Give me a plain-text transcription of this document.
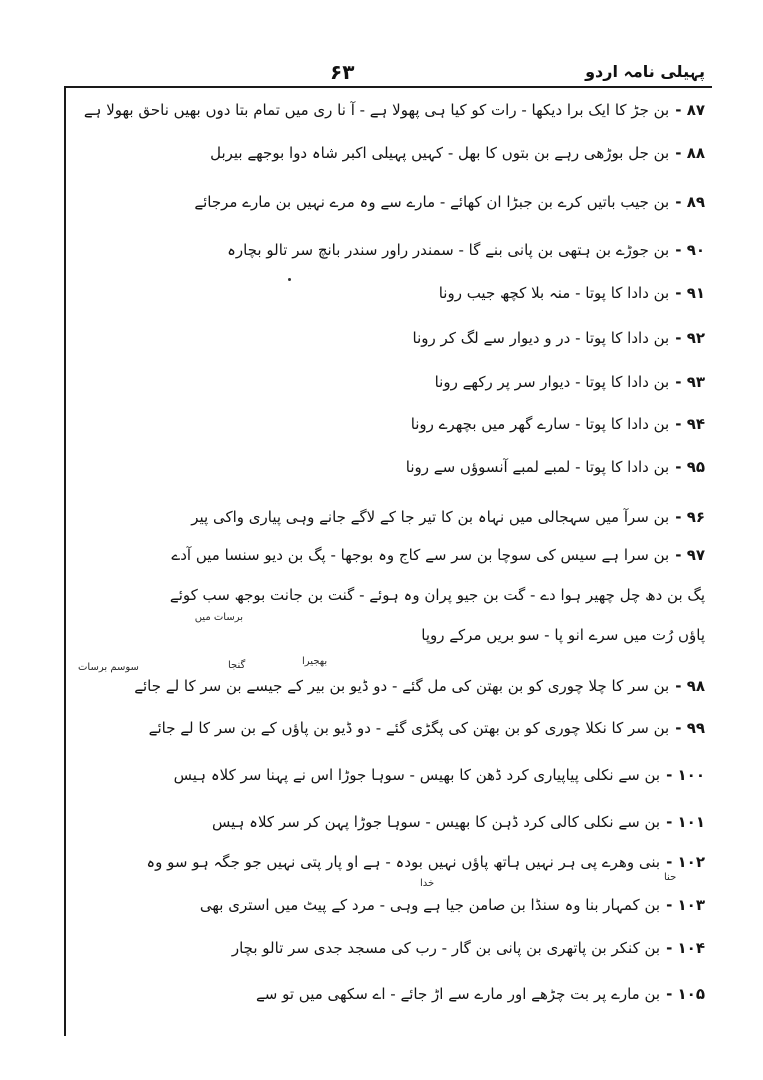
۶۳	پہیلی نامہ اردو
۸۷ -بن جڑ کا ایک برا دیکھا - رات کو کیا ہی پھولا ہے - آ نا ری میں تمام بتا دوں بھیں ناحق بھولا ہے
۸۸ -بن جل بوڑھی رہے بن بتوں کا بھل - کہیں پہیلی اکبر شاہ دوا بوجھے بیربل
۸۹ -بن جیب باتیں کرے بن جبڑا ان کھائے - مارے سے وہ مرے نہیں بن مارے مرجائے
۹۰ -بن جوڑے بن ہتھی بن پانی بنے گا - سمندر راور سندر بانچ سر تالو بچارہ
۹۱ -بن دادا کا پوتا - منہ بلا کچھ جیب رونا
۹۲ -بن دادا کا پوتا - در و دیوار سے لگ کر رونا
۹۳ -بن دادا کا پوتا - دیوار سر پر رکھے رونا
۹۴ -بن دادا کا پوتا - سارے گھر میں بچھرے رونا
۹۵ -بن دادا کا پوتا - لمبے لمبے آنسوؤں سے رونا
۹۶ -بن سرآ میں سہجالی میں نہاہ بن کا تیر جا کے لاگے جانے وہی پیاری واکی پیر
۹۷ -بن سرا ہے سیس کی سوچا بن سر سے کاج وہ بوجھا - پگ بن دیو سنسا میں آدے
پگ بن دھ چل چھیر ہوا دے - گت بن جیو پران وہ ہوئے - گنت بن جانت بوجھ سب کوئے
برسات میں
پاؤں رُت میں سرے انو پا - سو بریں مرکے روپا
سوسم برسات	گنجا	بھجیرا
۹۸ -بن سر کا چلا چوری کو بن بھتن کی مل گئے - دو ڈیو بن بیر کے جیسے بن سر کا لے جائے
۹۹ -بن سر کا نکلا چوری کو بن بھتن کی پگڑی گئے - دو ڈیو بن پاؤں کے بن سر کا لے جائے
۱۰۰ -بن سے نکلی پیاپیاری کرد ڈھن کا بھیس - سوہا جوڑا اس نے پہنا سر کلاہ ہیس
۱۰۱ -بن سے نکلی کالی کرد ڈہن کا بھیس - سوہا جوڑا پہن کر سر کلاہ ہیس
۱۰۲ -بنی وھرے پی ہر نہیں ہاتھ پاؤں نہیں بودہ - ہے او پار پتی نہیں جو جگہ ہو سو وہ
حنا
خدا
۱۰۳ -بن کمہار بنا وہ سنڈا بن صامن جیا ہے وہی - مرد کے پیٹ میں استری بھی
۱۰۴ -بن کنکر بن پاتھری بن پانی بن گار - رب کی مسجد جدی سر تالو بچار
۱۰۵ -بن مارے پر بت چڑھے اور مارے سے اڑ جائے - اے سکھی میں تو سے
